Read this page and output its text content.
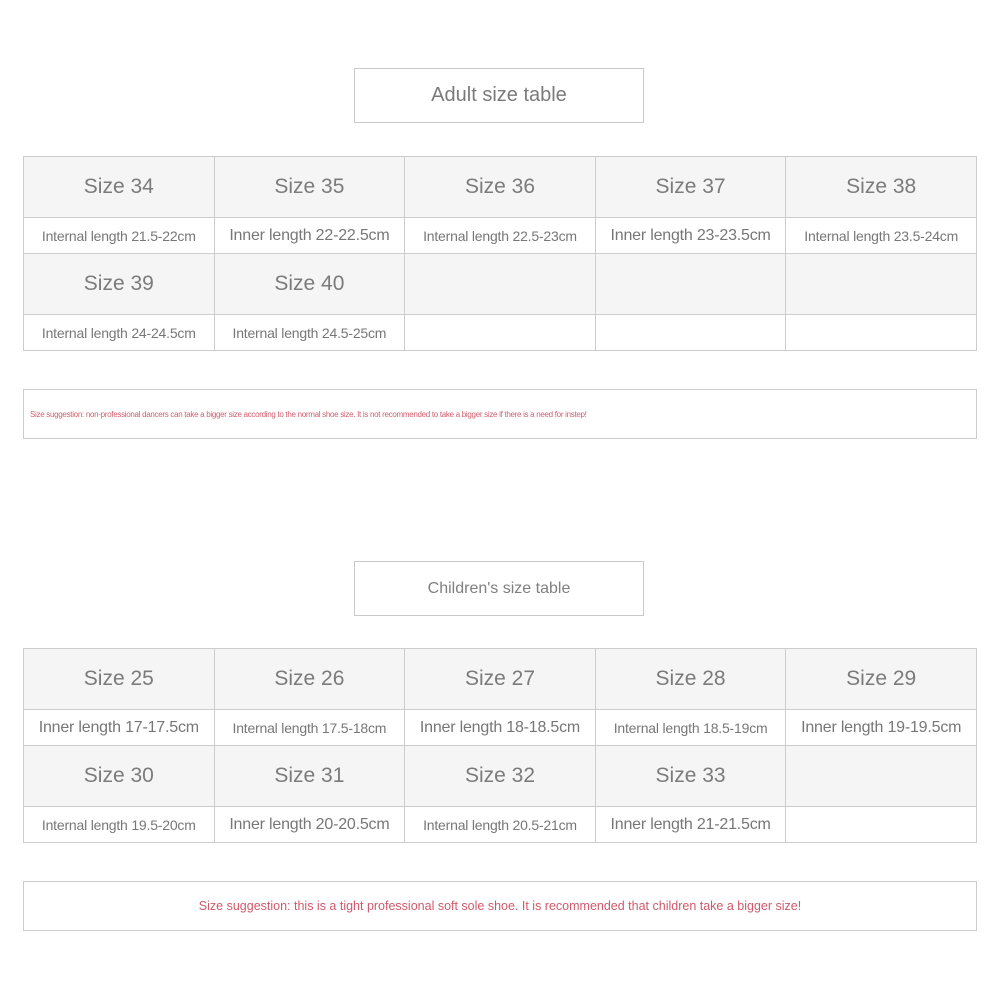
Adult size table
Size 34	Size 35	Size 36	Size 37	Size 38
Internal length 21.5-22cm	Inner length 22-22.5cm	Internal length 22.5-23cm	Inner length 23-23.5cm	Internal length 23.5-24cm
Size 39	Size 40			
Internal length 24-24.5cm	Internal length 24.5-25cm			
Size suggestion: non-professional dancers can take a bigger size according to the normal shoe size. It is not recommended to take a bigger size if there is a need for instep!
Children's size table
Size 25	Size 26	Size 27	Size 28	Size 29
Inner length 17-17.5cm	Internal length 17.5-18cm	Inner length 18-18.5cm	Internal length 18.5-19cm	Inner length 19-19.5cm
Size 30	Size 31	Size 32	Size 33	
Internal length 19.5-20cm	Inner length 20-20.5cm	Internal length 20.5-21cm	Inner length 21-21.5cm	
Size suggestion: this is a tight professional soft sole shoe. It is recommended that children take a bigger size!
